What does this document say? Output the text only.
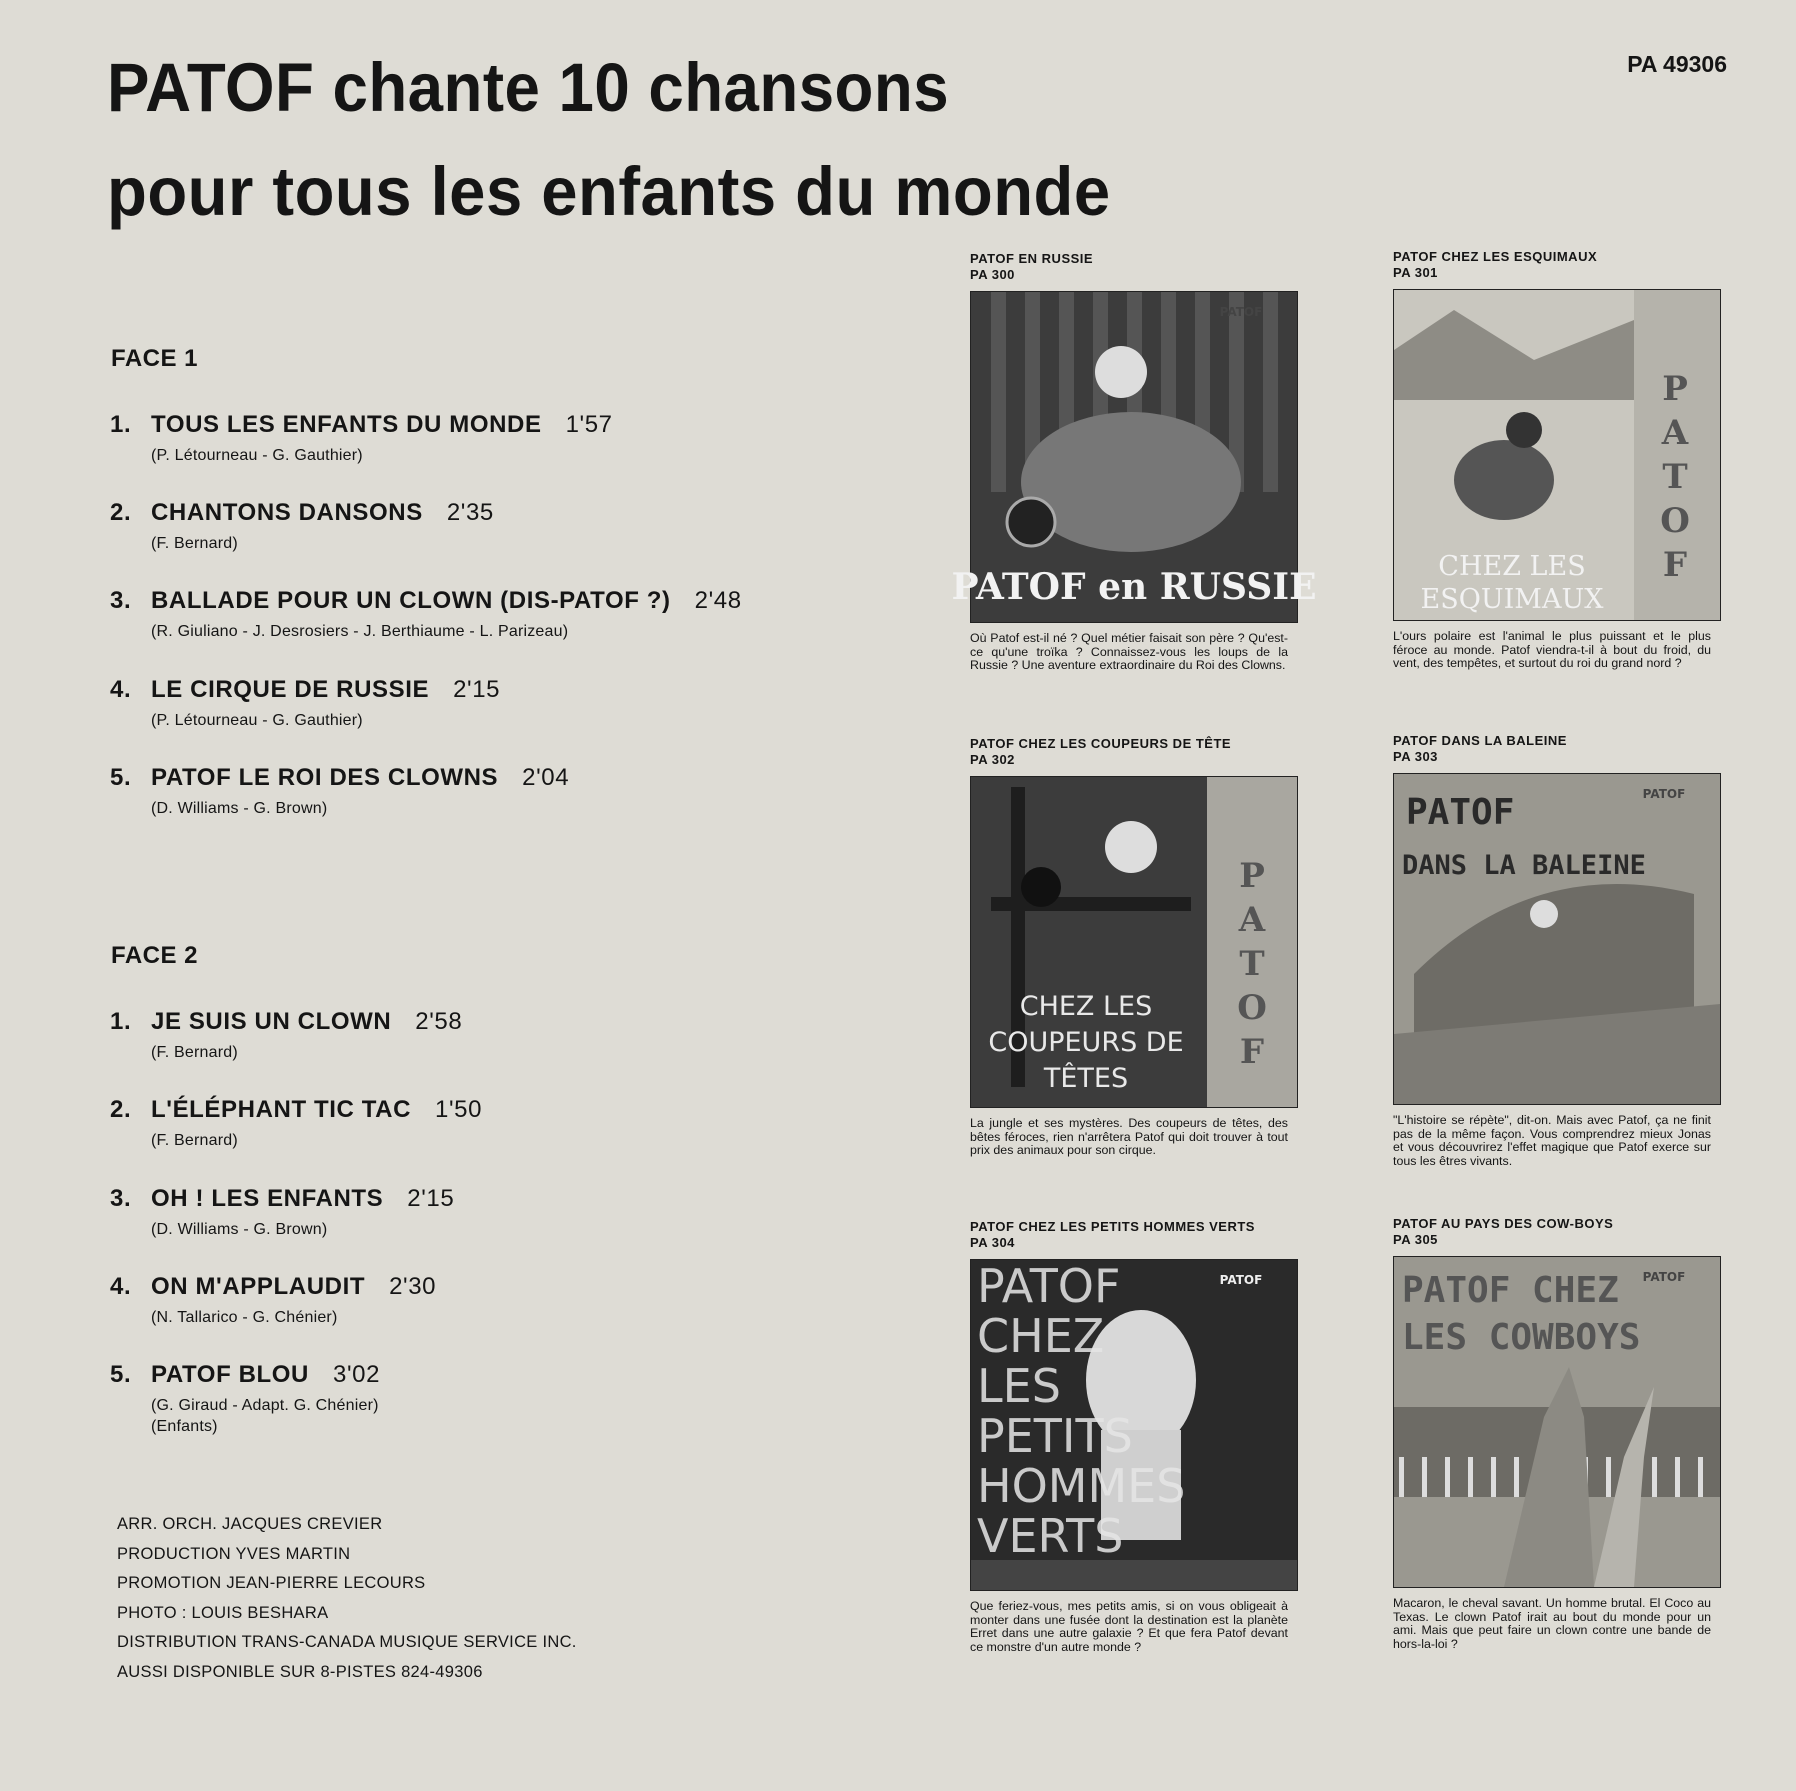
PATOF chante 10 chansons
pour tous les enfants du monde
PA 49306
FACE 1
1. TOUS LES ENFANTS DU MONDE 1'57
(P. Létourneau - G. Gauthier)
2. CHANTONS DANSONS 2'35
(F. Bernard)
3. BALLADE POUR UN CLOWN (DIS-PATOF ?) 2'48
(R. Giuliano - J. Desrosiers - J. Berthiaume - L. Parizeau)
4. LE CIRQUE DE RUSSIE 2'15
(P. Létourneau - G. Gauthier)
5. PATOF LE ROI DES CLOWNS 2'04
(D. Williams - G. Brown)
FACE 2
1. JE SUIS UN CLOWN 2'58
(F. Bernard)
2. L'ÉLÉPHANT TIC TAC 1'50
(F. Bernard)
3. OH ! LES ENFANTS 2'15
(D. Williams - G. Brown)
4. ON M'APPLAUDIT 2'30
(N. Tallarico - G. Chénier)
5. PATOF BLOU 3'02
(G. Giraud - Adapt. G. Chénier)
(Enfants)
ARR. ORCH. JACQUES CREVIER
PRODUCTION YVES MARTIN
PROMOTION JEAN-PIERRE LECOURS
PHOTO : LOUIS BESHARA
DISTRIBUTION TRANS-CANADA MUSIQUE SERVICE INC.
AUSSI DISPONIBLE SUR 8-PISTES 824-49306
PATOF EN RUSSIE
PA 300
PATOF en RUSSIE
PATOF
Où Patof est-il né ? Quel métier faisait son père ? Qu'est-ce qu'une troïka ? Connaissez-vous les loups de la Russie ? Une aventure extraordinaire du Roi des Clowns.
PATOF CHEZ LES ESQUIMAUX
PA 301
CHEZ LES
ESQUIMAUX
P
A
T
O
F
L'ours polaire est l'animal le plus puissant et le plus féroce au monde. Patof viendra-t-il à bout du froid, du vent, des tempêtes, et surtout du roi du grand nord ?
PATOF CHEZ LES COUPEURS DE TÊTE
PA 302
CHEZ LES
COUPEURS DE
TÊTES
P
A
T
O
F
La jungle et ses mystères. Des coupeurs de têtes, des bêtes féroces, rien n'arrêtera Patof qui doit trouver à tout prix des animaux pour son cirque.
PATOF DANS LA BALEINE
PA 303
PATOF
DANS LA BALEINE
PATOF
"L'histoire se répète", dit-on. Mais avec Patof, ça ne finit pas de la même façon. Vous comprendrez mieux Jonas et vous découvrirez l'effet magique que Patof exerce sur tous les êtres vivants.
PATOF CHEZ LES PETITS HOMMES VERTS
PA 304
PATOF
CHEZ
LES
PETITS
HOMMES
VERTS
PATOF
Que feriez-vous, mes petits amis, si on vous obligeait à monter dans une fusée dont la destination est la planète Erret dans une autre galaxie ? Et que fera Patof devant ce monstre d'un autre monde ?
PATOF AU PAYS DES COW-BOYS
PA 305
PATOF CHEZ
LES COWBOYS
PATOF
Macaron, le cheval savant. Un homme brutal. El Coco au Texas. Le clown Patof irait au bout du monde pour un ami. Mais que peut faire un clown contre une bande de hors-la-loi ?
